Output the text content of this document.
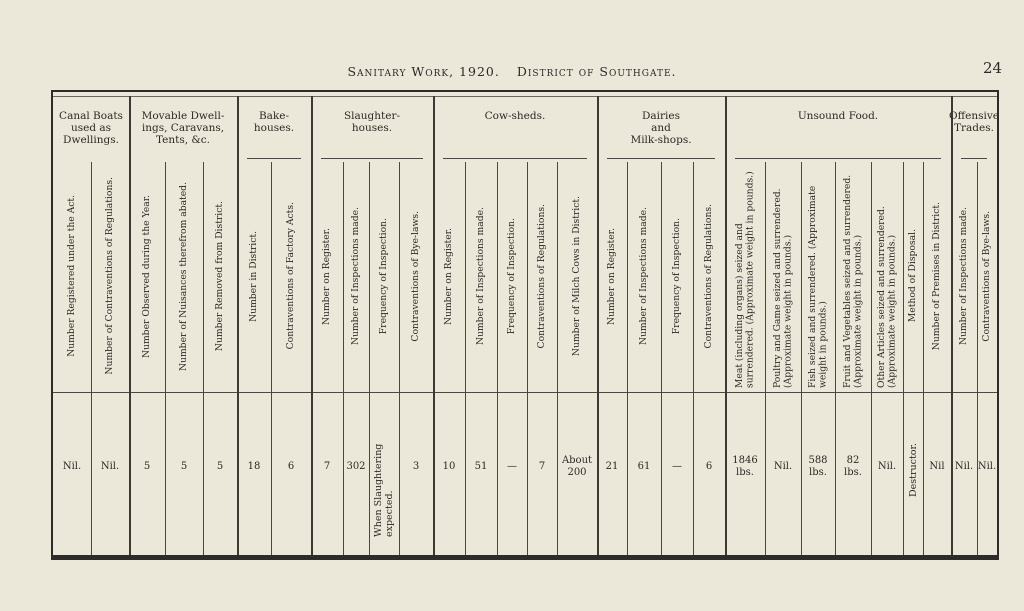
24
Sanitary Work, 1920. District of Southgate.
Canal Boats
used as
Dwellings.
Movable Dwell-
ings, Caravans,
Tents, &c.
Bake-
houses.
Slaughter-
houses.
Cow-sheds.	Dairies
and
Milk-shops.
Unsound Food.	Offensive
Trades.
Number Registered under the Act.
Nil.
Number of Contraventions of Regulations.
Nil.
Number Observed during the Year.
5
Number of Nuisances therefrom abated.
5
Number Removed from District.
5
Number in District.
18
Contraventions of Factory Acts.
6
Number on Register.
7
Number of Inspections made.
302
Frequency of Inspection.
When Slaughtering expected.
Contraventions of Bye-laws.
3
Number on Register.
10
Number of Inspections made.
51
Frequency of Inspection.
—
Contraventions of Regulations.
7
Number of Milch Cows in District.
About
200
Number on Register.
21
Number of Inspections made.
61
Frequency of Inspection.
—
Contraventions of Regulations.
6
Meat (including organs) seized and surrendered. (Approximate weight in pounds.)
1846
lbs.
Poultry and Game seized and surrendered. (Approximate weight in pounds.)
Nil.
Fish seized and surrendered. (Approximate weight in pounds.)
588
lbs.
Fruit and Vegetables seized and surrendered. (Approximate weight in pounds.)
82
lbs.
Other Articles seized and surrendered. (Approximate weight in pounds.)
Nil.
Method of Disposal.
Destructor.
Number of Premises in District.
Nil
Number of Inspections made.
Nil.
Contraventions of Bye-laws.
Nil.
